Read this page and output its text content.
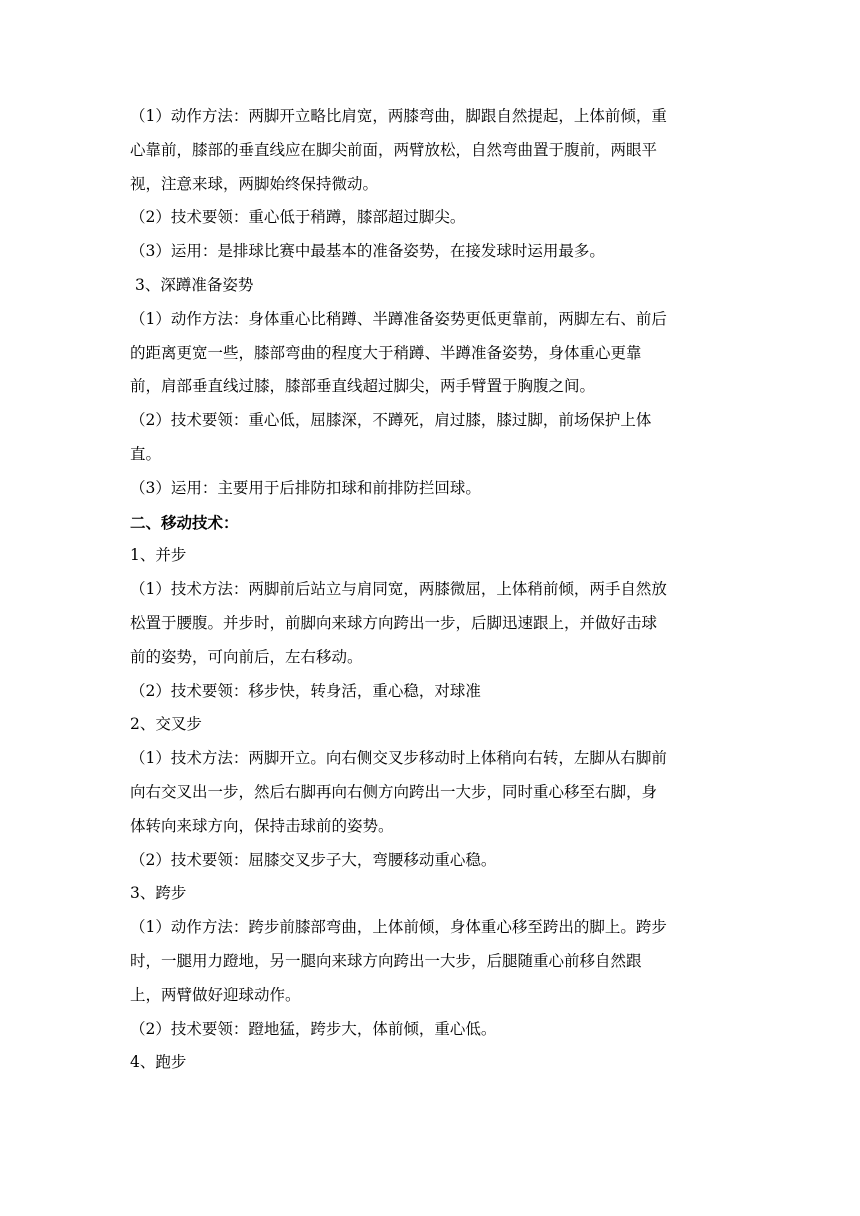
（1）动作方法：两脚开立略比肩宽，两膝弯曲，脚跟自然提起，上体前倾，重
心靠前，膝部的垂直线应在脚尖前面，两臂放松，自然弯曲置于腹前，两眼平
视，注意来球，两脚始终保持微动。
（2）技术要领：重心低于稍蹲，膝部超过脚尖。
（3）运用：是排球比赛中最基本的准备姿势，在接发球时运用最多。
3、深蹲准备姿势
（1）动作方法：身体重心比稍蹲、半蹲准备姿势更低更靠前，两脚左右、前后
的距离更宽一些，膝部弯曲的程度大于稍蹲、半蹲准备姿势，身体重心更靠
前，肩部垂直线过膝，膝部垂直线超过脚尖，两手臂置于胸腹之间。
（2）技术要领：重心低，屈膝深，不蹲死，肩过膝，膝过脚，前场保护上体
直。
（3）运用：主要用于后排防扣球和前排防拦回球。
二、移动技术：
1、并步
（1）技术方法：两脚前后站立与肩同宽，两膝微屈，上体稍前倾，两手自然放
松置于腰腹。并步时，前脚向来球方向跨出一步，后脚迅速跟上，并做好击球
前的姿势，可向前后，左右移动。
（2）技术要领：移步快，转身活，重心稳，对球准
2、交叉步
（1）技术方法：两脚开立。向右侧交叉步移动时上体稍向右转，左脚从右脚前
向右交叉出一步，然后右脚再向右侧方向跨出一大步，同时重心移至右脚，身
体转向来球方向，保持击球前的姿势。
（2）技术要领：屈膝交叉步子大，弯腰移动重心稳。
3、跨步
（1）动作方法：跨步前膝部弯曲，上体前倾，身体重心移至跨出的脚上。跨步
时，一腿用力蹬地，另一腿向来球方向跨出一大步，后腿随重心前移自然跟
上，两臂做好迎球动作。
（2）技术要领：蹬地猛，跨步大，体前倾，重心低。
4、跑步
